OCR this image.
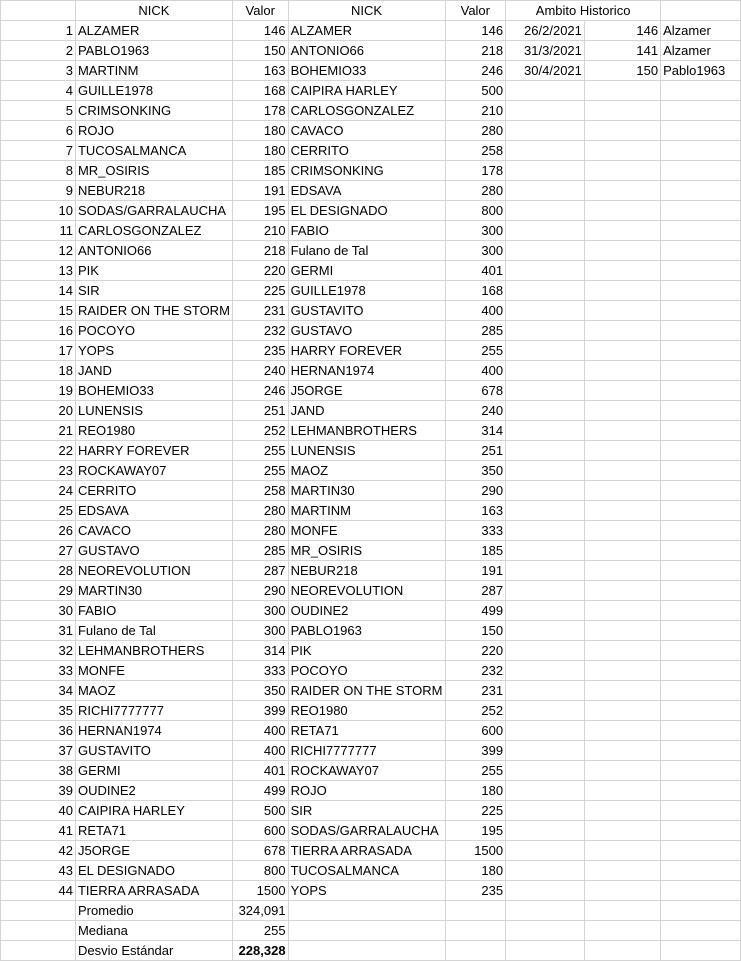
	NICK	Valor	NICK	Valor	Ambito Historico		
1	ALZAMER	146	ALZAMER	146	26/2/2021	146	Alzamer
2	PABLO1963	150	ANTONIO66	218	31/3/2021	141	Alzamer
3	MARTINM	163	BOHEMIO33	246	30/4/2021	150	Pablo1963
4	GUILLE1978	168	CAIPIRA HARLEY	500			
5	CRIMSONKING	178	CARLOSGONZALEZ	210			
6	ROJO	180	CAVACO	280			
7	TUCOSALMANCA	180	CERRITO	258			
8	MR_OSIRIS	185	CRIMSONKING	178			
9	NEBUR218	191	EDSAVA	280			
10	SODAS/GARRALAUCHA	195	EL DESIGNADO	800			
11	CARLOSGONZALEZ	210	FABIO	300			
12	ANTONIO66	218	Fulano de Tal	300			
13	PIK	220	GERMI	401			
14	SIR	225	GUILLE1978	168			
15	RAIDER ON THE STORM	231	GUSTAVITO	400			
16	POCOYO	232	GUSTAVO	285			
17	YOPS	235	HARRY FOREVER	255			
18	JAND	240	HERNAN1974	400			
19	BOHEMIO33	246	J5ORGE	678			
20	LUNENSIS	251	JAND	240			
21	REO1980	252	LEHMANBROTHERS	314			
22	HARRY FOREVER	255	LUNENSIS	251			
23	ROCKAWAY07	255	MAOZ	350			
24	CERRITO	258	MARTIN30	290			
25	EDSAVA	280	MARTINM	163			
26	CAVACO	280	MONFE	333			
27	GUSTAVO	285	MR_OSIRIS	185			
28	NEOREVOLUTION	287	NEBUR218	191			
29	MARTIN30	290	NEOREVOLUTION	287			
30	FABIO	300	OUDINE2	499			
31	Fulano de Tal	300	PABLO1963	150			
32	LEHMANBROTHERS	314	PIK	220			
33	MONFE	333	POCOYO	232			
34	MAOZ	350	RAIDER ON THE STORM	231			
35	RICHI7777777	399	REO1980	252			
36	HERNAN1974	400	RETA71	600			
37	GUSTAVITO	400	RICHI7777777	399			
38	GERMI	401	ROCKAWAY07	255			
39	OUDINE2	499	ROJO	180			
40	CAIPIRA HARLEY	500	SIR	225			
41	RETA71	600	SODAS/GARRALAUCHA	195			
42	J5ORGE	678	TIERRA ARRASADA	1500			
43	EL DESIGNADO	800	TUCOSALMANCA	180			
44	TIERRA ARRASADA	1500	YOPS	235			
	Promedio	324,091					
	Mediana	255					
	Desvio Estándar	228,328					
